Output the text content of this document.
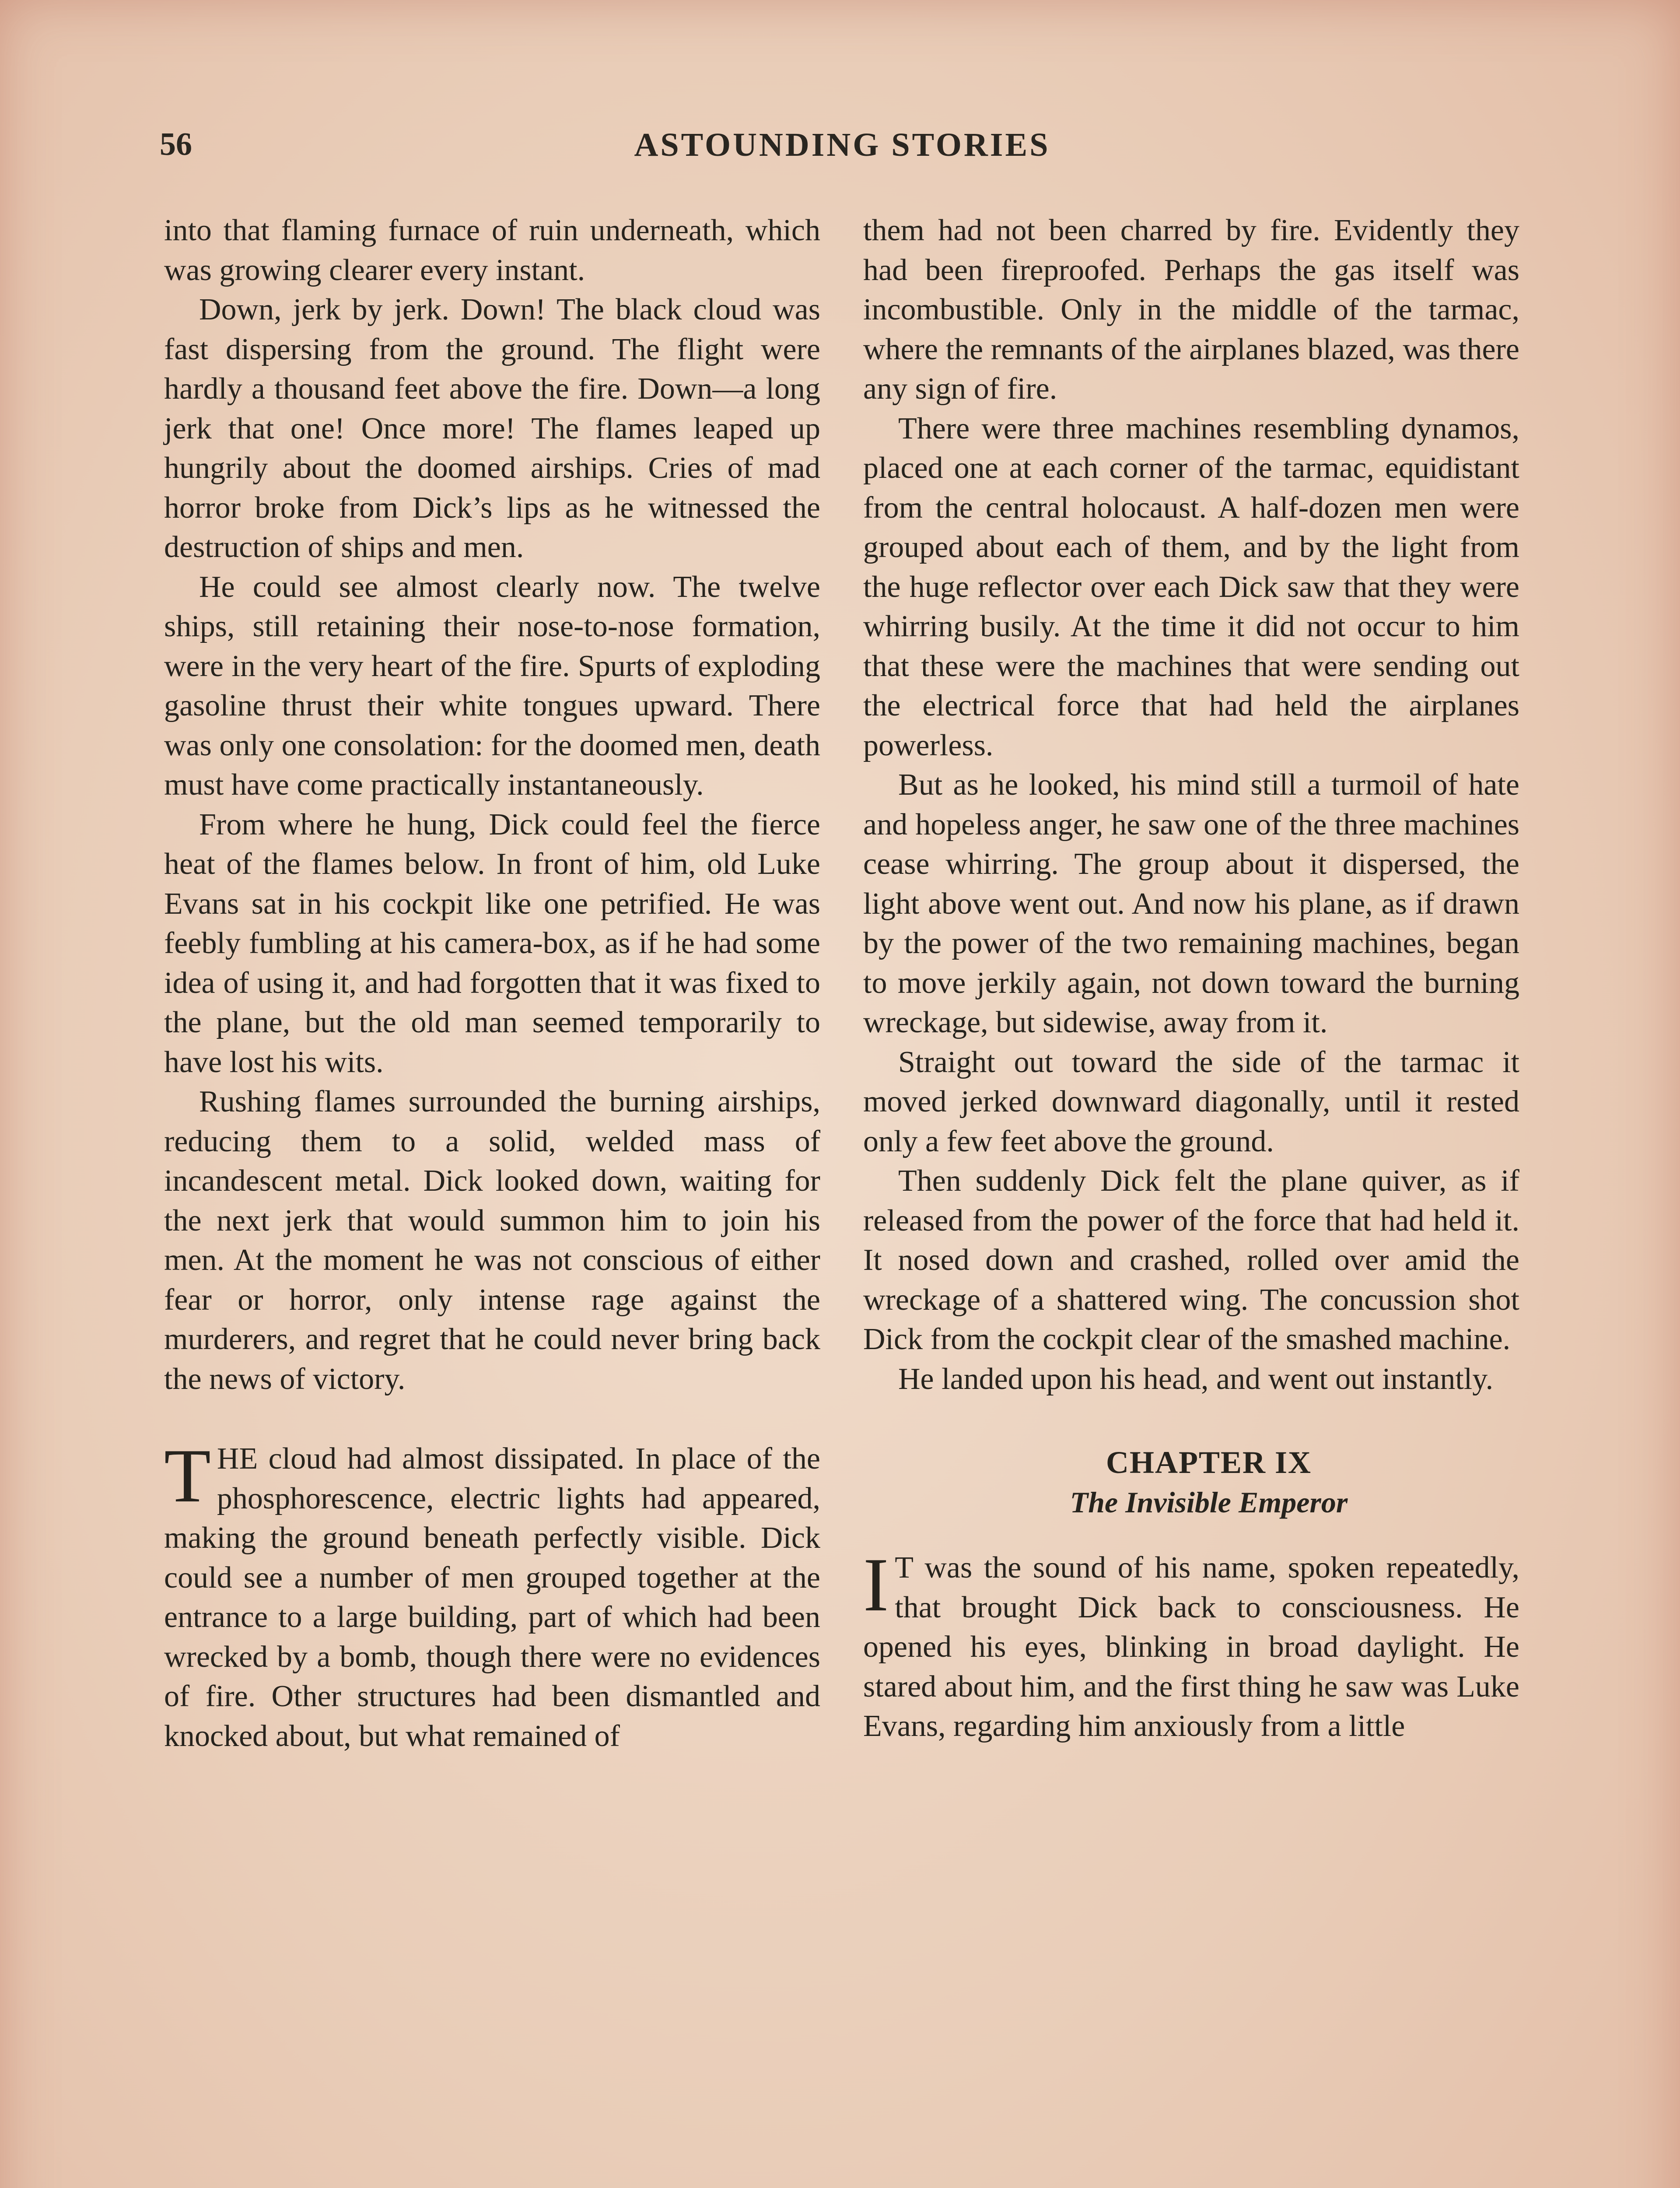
56	ASTOUNDING STORIES

into that flaming furnace of ruin underneath, which was growing clearer every instant.

Down, jerk by jerk. Down! The black cloud was fast dispersing from the ground. The flight were hardly a thousand feet above the fire. Down—a long jerk that one! Once more! The flames leaped up hungrily about the doomed airships. Cries of mad horror broke from Dick’s lips as he witnessed the destruction of ships and men.

He could see almost clearly now. The twelve ships, still retaining their nose-to-nose formation, were in the very heart of the fire. Spurts of exploding gasoline thrust their white tongues upward. There was only one consolation: for the doomed men, death must have come practically instantaneously.

From where he hung, Dick could feel the fierce heat of the flames below. In front of him, old Luke Evans sat in his cockpit like one petrified. He was feebly fumbling at his camera-box, as if he had some idea of using it, and had forgotten that it was fixed to the plane, but the old man seemed temporarily to have lost his wits.

Rushing flames surrounded the burning airships, reducing them to a solid, welded mass of incandescent metal. Dick looked down, waiting for the next jerk that would summon him to join his men. At the moment he was not conscious of either fear or horror, only intense rage against the murderers, and regret that he could never bring back the news of victory.

THE cloud had almost dissipated. In place of the phosphorescence, electric lights had appeared, making the ground beneath perfectly visible. Dick could see a number of men grouped together at the entrance to a large building, part of which had been wrecked by a bomb, though there were no evidences of fire. Other structures had been dismantled and knocked about, but what remained of

them had not been charred by fire. Evidently they had been fireproofed. Perhaps the gas itself was incombustible. Only in the middle of the tarmac, where the remnants of the airplanes blazed, was there any sign of fire.

There were three machines resembling dynamos, placed one at each corner of the tarmac, equidistant from the central holocaust. A half-dozen men were grouped about each of them, and by the light from the huge reflector over each Dick saw that they were whirring busily. At the time it did not occur to him that these were the machines that were sending out the electrical force that had held the airplanes powerless.

But as he looked, his mind still a turmoil of hate and hopeless anger, he saw one of the three machines cease whirring. The group about it dispersed, the light above went out. And now his plane, as if drawn by the power of the two remaining machines, began to move jerkily again, not down toward the burning wreckage, but sidewise, away from it.

Straight out toward the side of the tarmac it moved jerked downward diagonally, until it rested only a few feet above the ground.

Then suddenly Dick felt the plane quiver, as if released from the power of the force that had held it. It nosed down and crashed, rolled over amid the wreckage of a shattered wing. The concussion shot Dick from the cockpit clear of the smashed machine.

He landed upon his head, and went out instantly.

CHAPTER IX

The Invisible Emperor

I T was the sound of his name, spoken repeatedly, that brought Dick back to consciousness. He opened his eyes, blinking in broad daylight. He stared about him, and the first thing he saw was Luke Evans, regarding him anxiously from a little
